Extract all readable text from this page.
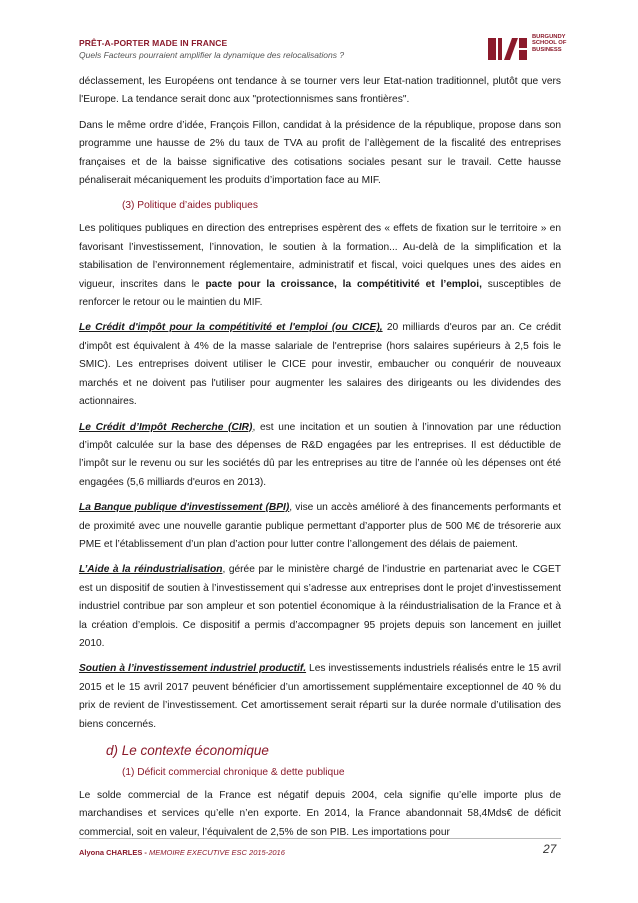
PRÊT-A-PORTER MADE IN FRANCE
Quels Facteurs pourraient amplifier la dynamique des relocalisations ?
BURGUNDY
SCHOOL OF
BUSINESS

déclassement, les Européens ont tendance à se tourner vers leur Etat-nation traditionnel, plutôt que vers l'Europe. La tendance serait donc aux "protectionnismes sans frontières".

Dans le même ordre d’idée, François Fillon, candidat à la présidence de la république, propose dans son programme une hausse de 2% du taux de TVA au profit de l’allègement de la fiscalité des entreprises françaises et de la baisse significative des cotisations sociales pesant sur le travail. Cette hausse pénaliserait mécaniquement les produits d’importation face au MIF.

(3) Politique d’aides publiques

Les politiques publiques en direction des entreprises espèrent des « effets de fixation sur le territoire » en favorisant l’investissement, l’innovation, le soutien à la formation... Au-delà de la simplification et la stabilisation de l’environnement réglementaire, administratif et fiscal, voici quelques unes des aides en vigueur, inscrites dans le pacte pour la croissance, la compétitivité et l’emploi, susceptibles de renforcer le retour ou le maintien du MIF.

Le Crédit d'impôt pour la compétitivité et l'emploi (ou CICE), 20 milliards d'euros par an. Ce crédit d'impôt est équivalent à 4% de la masse salariale de l'entreprise (hors salaires supérieurs à 2,5 fois le SMIC). Les entreprises doivent utiliser le CICE pour investir, embaucher ou conquérir de nouveaux marchés et ne doivent pas l'utiliser pour augmenter les salaires des dirigeants ou les dividendes des actionnaires.

Le Crédit d’Impôt Recherche (CIR), est une incitation et un soutien à l’innovation par une réduction d’impôt calculée sur la base des dépenses de R&D engagées par les entreprises. Il est déductible de l’impôt sur le revenu ou sur les sociétés dû par les entreprises au titre de l’année où les dépenses ont été engagées (5,6 milliards d'euros en 2013).

La Banque publique d'investissement (BPI), vise un accès amélioré à des financements performants et de proximité avec une nouvelle garantie publique permettant d’apporter plus de 500 M€ de trésorerie aux PME et l’établissement d’un plan d’action pour lutter contre l’allongement des délais de paiement.

L’Aide à la réindustrialisation, gérée par le ministère chargé de l’industrie en partenariat avec le CGET est un dispositif de soutien à l’investissement qui s’adresse aux entreprises dont le projet d’investissement industriel contribue par son ampleur et son potentiel économique à la réindustrialisation de la France et à la création d’emplois. Ce dispositif a permis d’accompagner 95 projets depuis son lancement en juillet 2010.

Soutien à l’investissement industriel productif. Les investissements industriels réalisés entre le 15 avril 2015 et le 15 avril 2017 peuvent bénéficier d’un amortissement supplémentaire exceptionnel de 40 % du prix de revient de l’investissement. Cet amortissement serait réparti sur la durée normale d’utilisation des biens concernés.

d) Le contexte économique
(1) Déficit commercial chronique & dette publique

Le solde commercial de la France est négatif depuis 2004, cela signifie qu’elle importe plus de marchandises et services qu’elle n’en exporte. En 2014, la France abandonnait 58,4Mds€ de déficit commercial, soit en valeur, l’équivalent de 2,5% de son PIB. Les importations pour

Alyona CHARLES - MEMOIRE EXECUTIVE ESC 2015-2016	27
